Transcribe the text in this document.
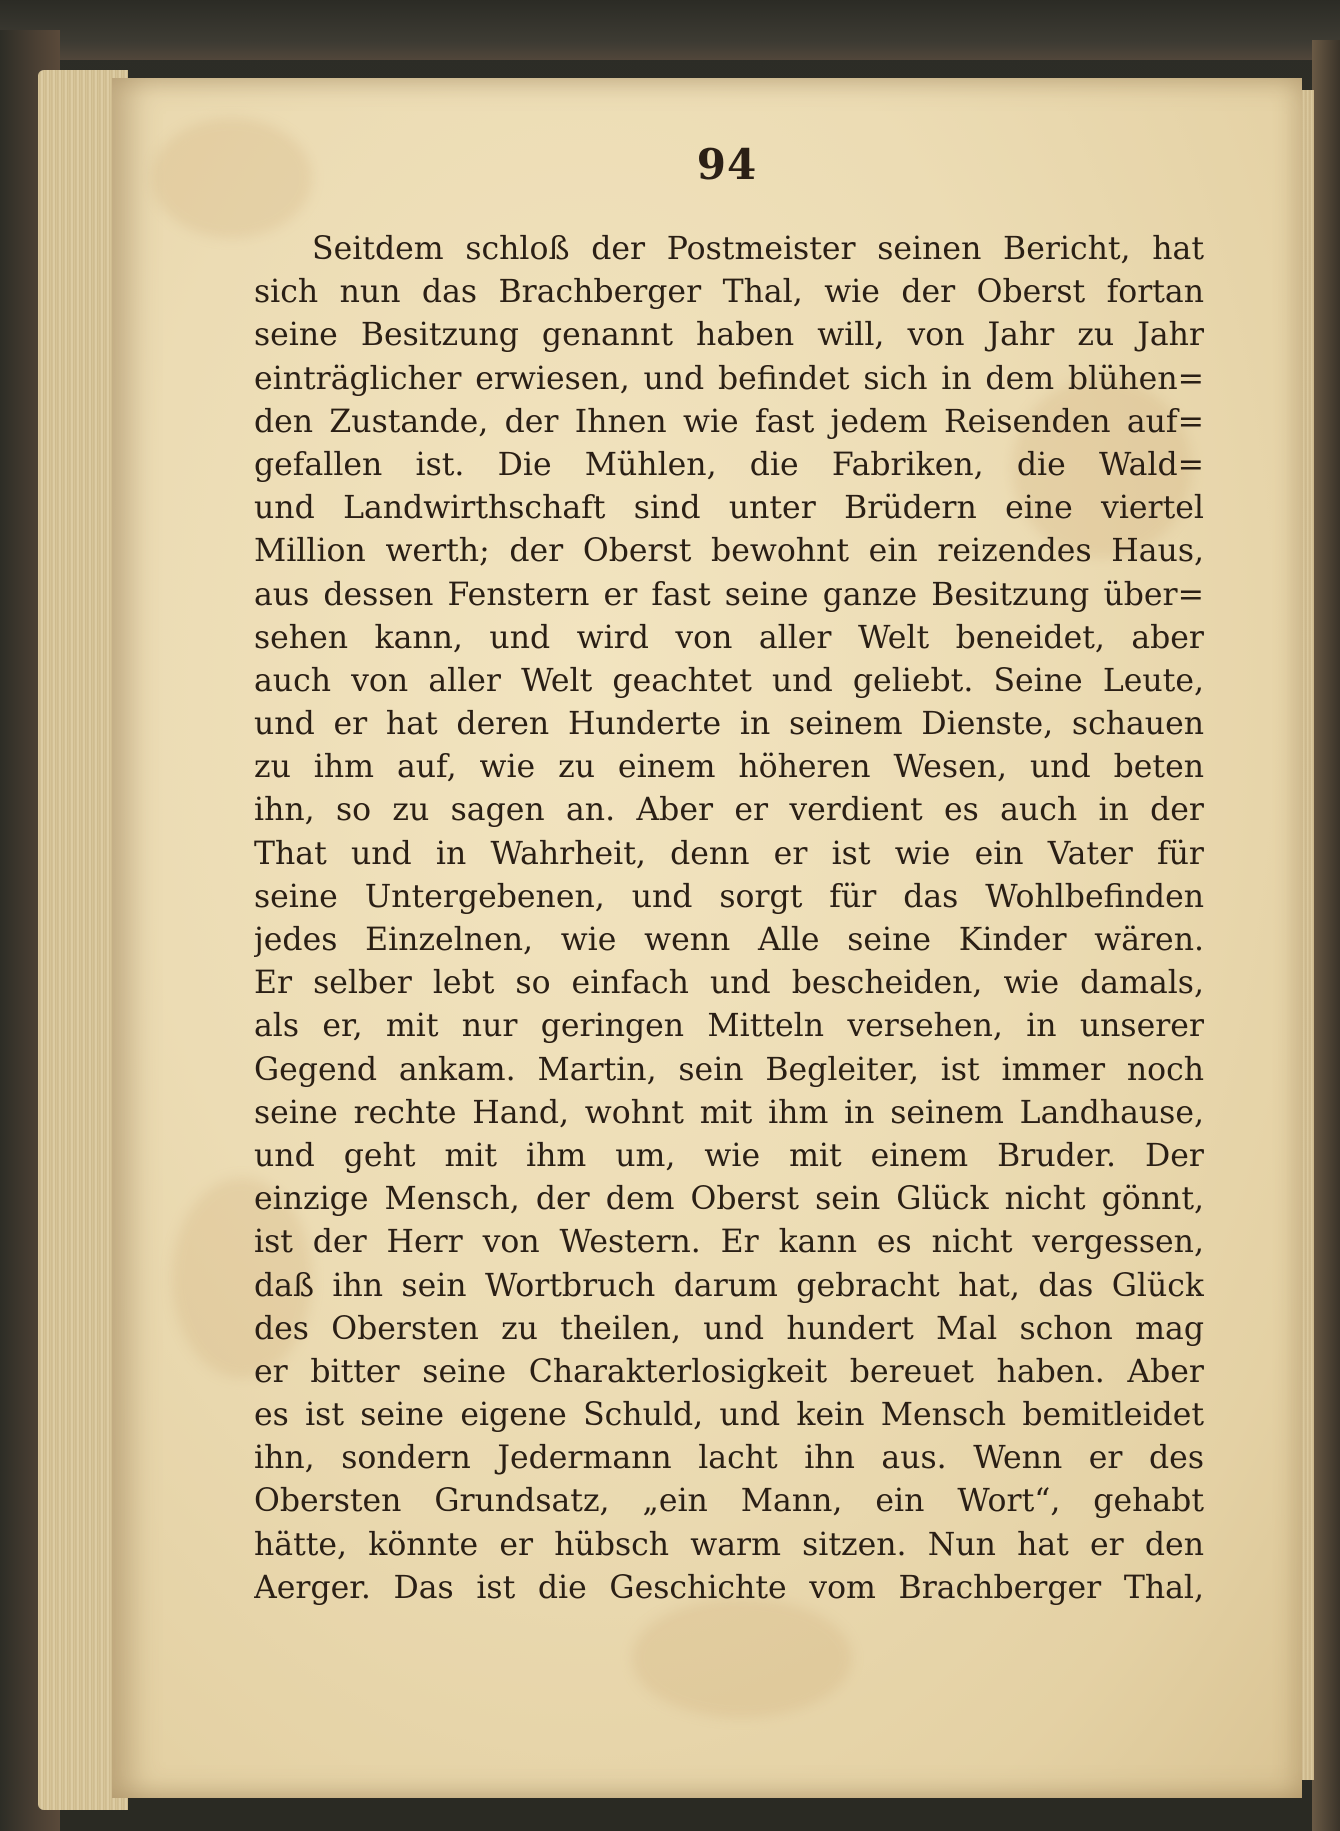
94
Seitdem schloß der Postmeister seinen Bericht, hat
sich nun das Brachberger Thal, wie der Oberst fortan
seine Besitzung genannt haben will, von Jahr zu Jahr
einträglicher erwiesen, und befindet sich in dem blühen=
den Zustande, der Ihnen wie fast jedem Reisenden auf=
gefallen ist. Die Mühlen, die Fabriken, die Wald=
und Landwirthschaft sind unter Brüdern eine viertel
Million werth; der Oberst bewohnt ein reizendes Haus,
aus dessen Fenstern er fast seine ganze Besitzung über=
sehen kann, und wird von aller Welt beneidet, aber
auch von aller Welt geachtet und geliebt. Seine Leute,
und er hat deren Hunderte in seinem Dienste, schauen
zu ihm auf, wie zu einem höheren Wesen, und beten
ihn, so zu sagen an. Aber er verdient es auch in der
That und in Wahrheit, denn er ist wie ein Vater für
seine Untergebenen, und sorgt für das Wohlbefinden
jedes Einzelnen, wie wenn Alle seine Kinder wären.
Er selber lebt so einfach und bescheiden, wie damals,
als er, mit nur geringen Mitteln versehen, in unserer
Gegend ankam. Martin, sein Begleiter, ist immer noch
seine rechte Hand, wohnt mit ihm in seinem Landhause,
und geht mit ihm um, wie mit einem Bruder. Der
einzige Mensch, der dem Oberst sein Glück nicht gönnt,
ist der Herr von Western. Er kann es nicht vergessen,
daß ihn sein Wortbruch darum gebracht hat, das Glück
des Obersten zu theilen, und hundert Mal schon mag
er bitter seine Charakterlosigkeit bereuet haben. Aber
es ist seine eigene Schuld, und kein Mensch bemitleidet
ihn, sondern Jedermann lacht ihn aus. Wenn er des
Obersten Grundsatz, „ein Mann, ein Wort“, gehabt
hätte, könnte er hübsch warm sitzen. Nun hat er den
Aerger. Das ist die Geschichte vom Brachberger Thal,
